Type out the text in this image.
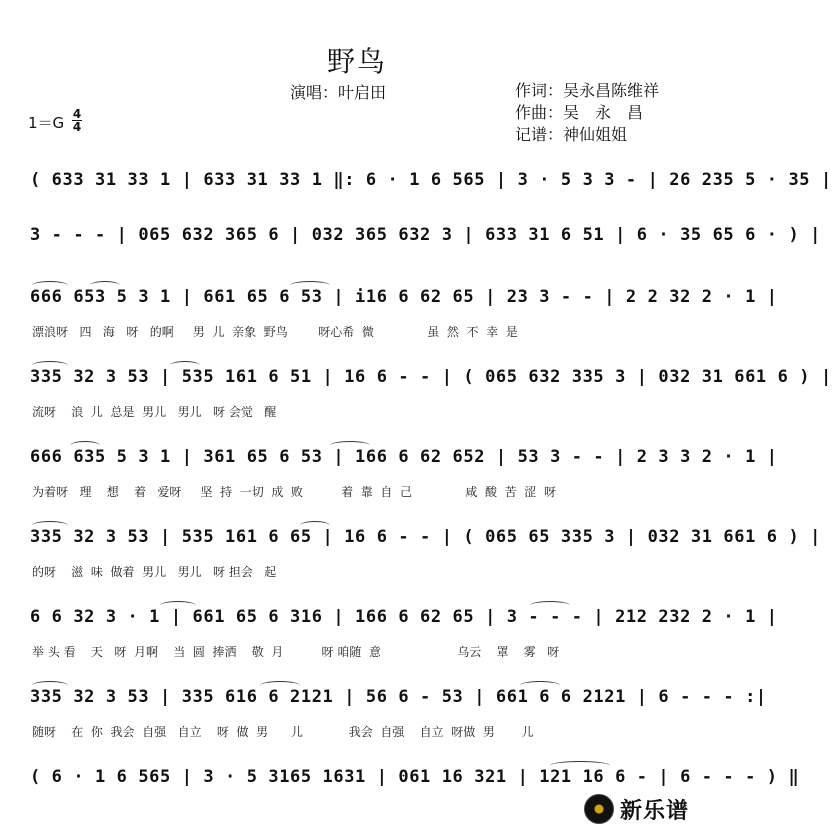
野鸟
演唱：叶启田	作词：吴永昌陈维祥
作曲：吴　永　昌
记谱：神仙姐姐
1＝G 4
4
( 633 31 33 1 | 633 31 33 1 ‖: 6 · 1 6 565 | 3 · 5 3 3 - | 26 235 5 · 35 |
3 - - - | 065 632 365 6 | 032 365 632 3 | 633 31 6 51 | 6 · 35 65 6 · ) |
666 653 5 3 1 | 661 65 6 53 | i16 6 62 65 | 23 3 - - | 2 2 32 2 · 1 |
漂浪呀   四   海   呀   的啊     男  儿  亲象  野鸟        呀心希  微              虽  然  不  幸  是
335 32 3 53 | 535 161 6 51 | 16 6 - - | ( 065 632 335 3 | 032 31 661 6 ) |
流呀    浪  儿  总是  男儿   男儿   呀 会觉   醒
666 635 5 3 1 | 361 65 6 53 | 166 6 62 652 | 53 3 - - | 2 3 3 2 · 1 |
为着呀   理    想    着   爱呀     坚  持  一切  成  败          着  靠  自  己              咸  酸  苦  涩  呀
335 32 3 53 | 535 161 6 65 | 16 6 - - | ( 065 65 335 3 | 032 31 661 6 ) |
的呀    滋  味  做着  男儿   男儿   呀 担会   起
6 6 32 3 · 1 | 661 65 6 316 | 166 6 62 65 | 3 - - - | 212 232 2 · 1 |
举 头 看    天   呀  月啊    当  圆  捧洒    敬  月          呀 咱随  意                    乌云    罩    雾   呀
335 32 3 53 | 335 616 6 2121 | 56 6 - 53 | 661 6 6 2121 | 6 - - - :|
随呀    在  你  我会  自强   自立    呀  做  男      儿            我会  自强    自立  呀做  男       儿
( 6 · 1 6 565 | 3 · 5 3165 1631 | 061 16 321 | 121 16 6 - | 6 - - - ) ‖
新乐谱
